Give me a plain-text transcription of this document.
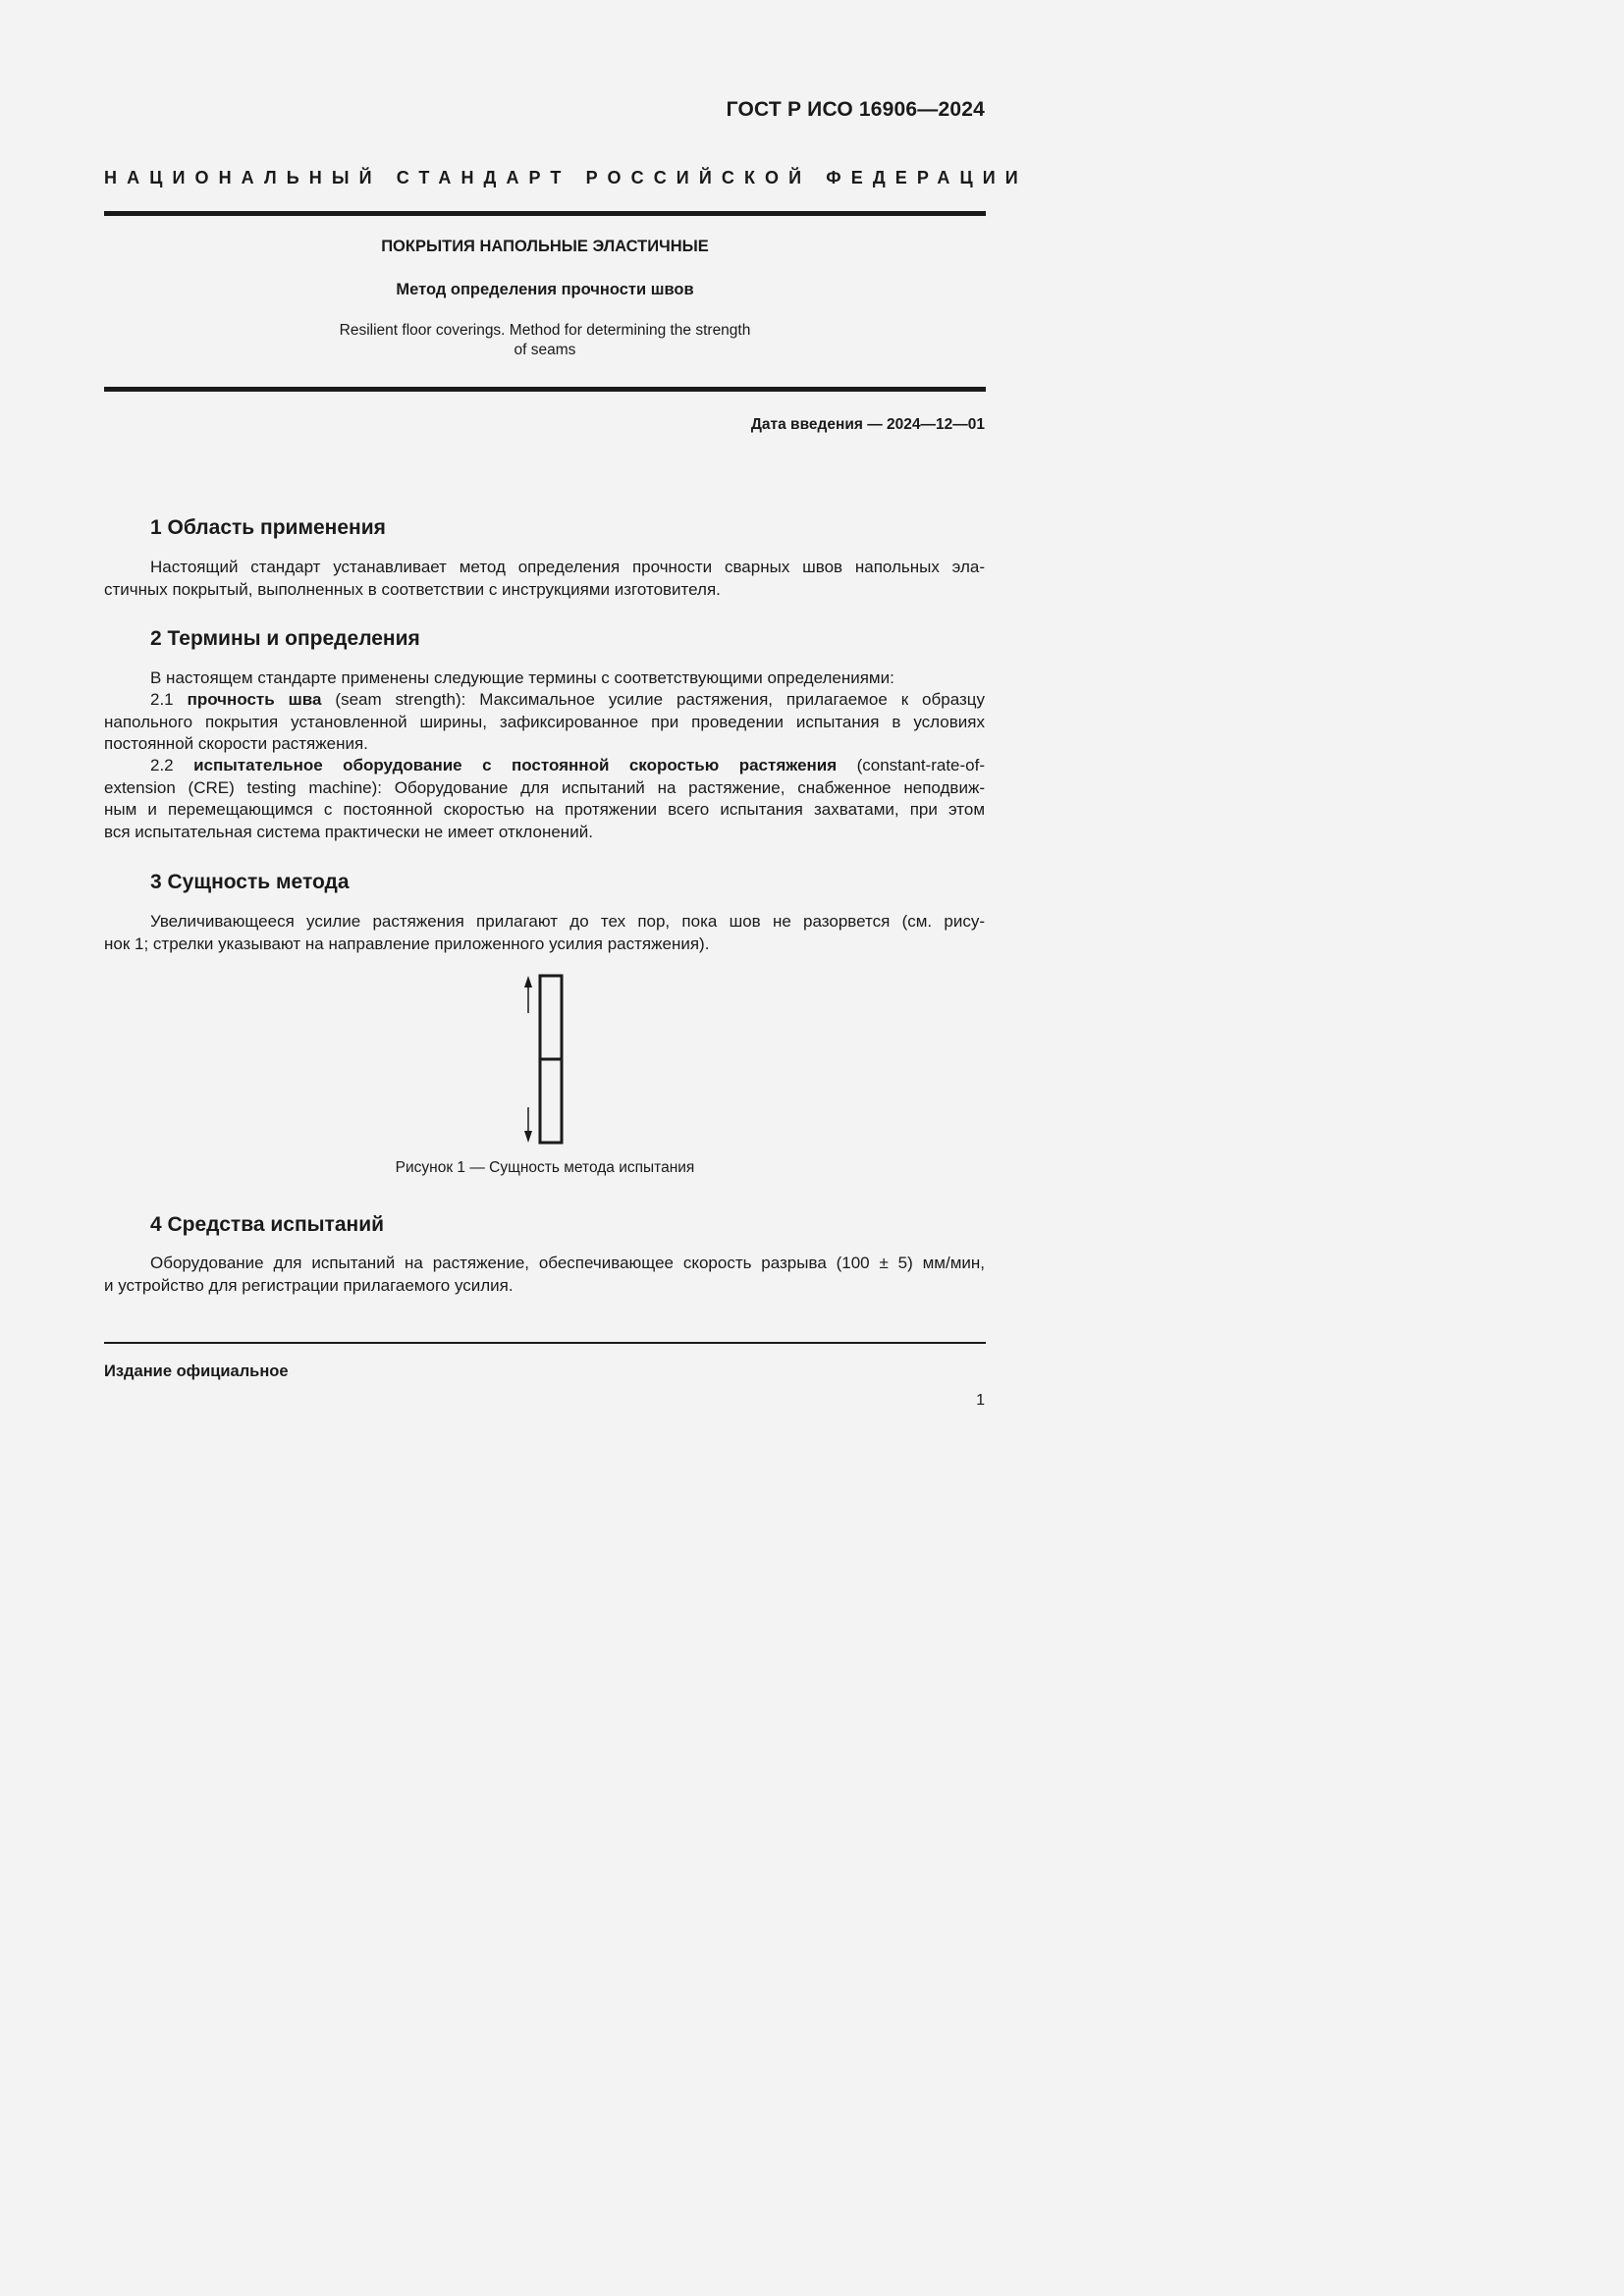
ГОСТ Р ИСО 16906—2024
НАЦИОНАЛЬНЫЙ СТАНДАРТ РОССИЙСКОЙ ФЕДЕРАЦИИ
ПОКРЫТИЯ НАПОЛЬНЫЕ ЭЛАСТИЧНЫЕ
Метод определения прочности швов
Resilient floor coverings. Method for determining the strength
of seams
Дата введения — 2024—12—01
1 Область применения

Настоящий стандарт устанавливает метод определения прочности сварных швов напольных эла-
стичных покрытый, выполненных в соответствии с инструкциями изготовителя.

2 Термины и определения

В настоящем стандарте применены следующие термины с соответствующими определениями:

2.1 прочность шва (seam strength): Максимальное усилие растяжения, прилагаемое к образцу
напольного покрытия установленной ширины, зафиксированное при проведении испытания в условиях
постоянной скорости растяжения.

2.2 испытательное оборудование с постоянной скоростью растяжения (constant-rate-of-
extension (CRE) testing machine): Оборудование для испытаний на растяжение, снабженное неподвиж-
ным и перемещающимся с постоянной скоростью на протяжении всего испытания захватами, при этом
вся испытательная система практически не имеет отклонений.

3 Сущность метода

Увеличивающееся усилие растяжения прилагают до тех пор, пока шов не разорвется (см. рису-
нок 1; стрелки указывают на направление приложенного усилия растяжения).

Рисунок 1 — Сущность метода испытания
4 Средства испытаний

Оборудование для испытаний на растяжение, обеспечивающее скорость разрыва (100 ± 5) мм/мин,
и устройство для регистрации прилагаемого усилия.

Издание официальное
1
